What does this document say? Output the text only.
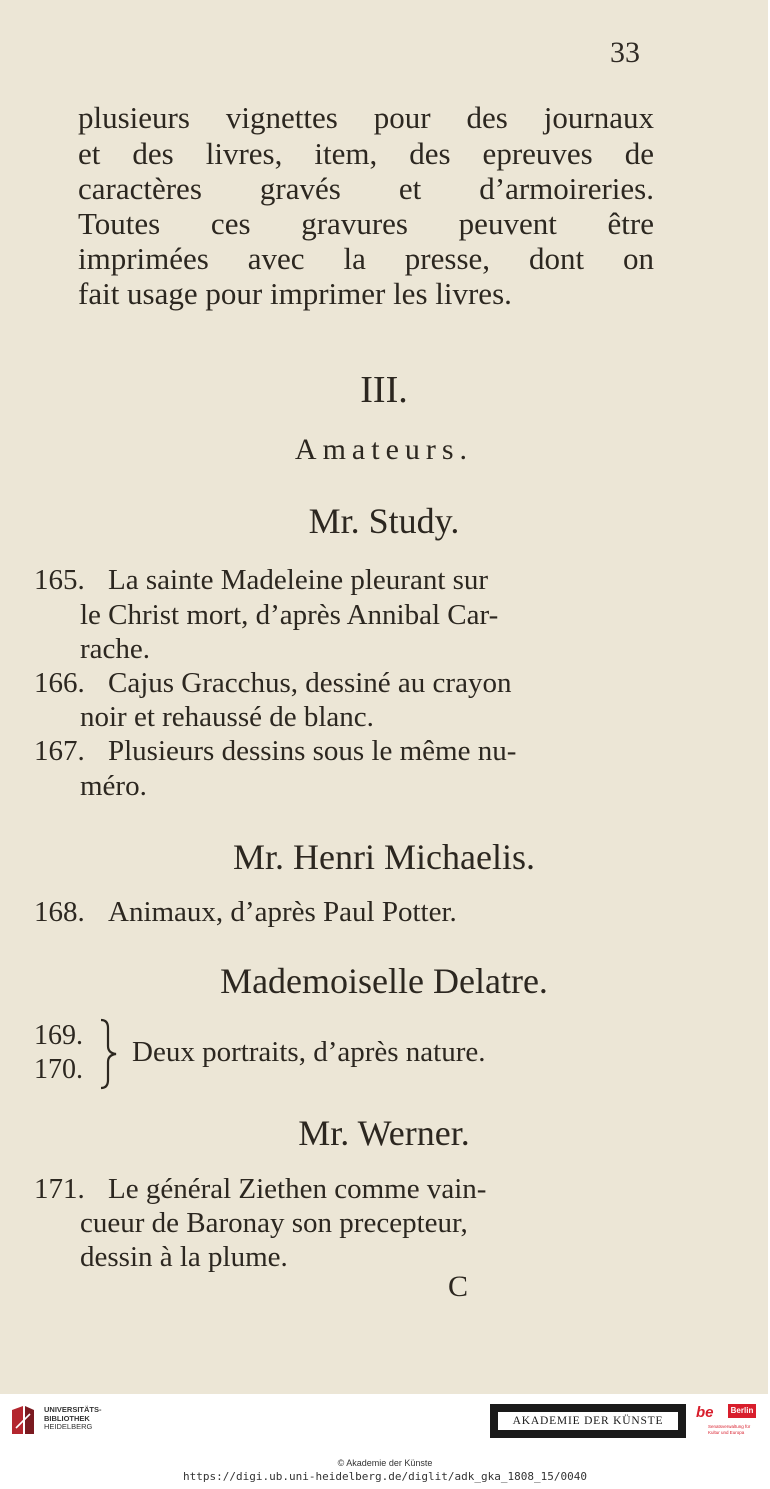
33
plusieurs vignettes pour des journaux
et des livres, item, des epreuves de
caractères gravés et d’armoireries.
Toutes ces gravures peuvent être
imprimées avec la presse, dont on
fait usage pour imprimer les livres.
III.
Amateurs.
Mr. Study.
165. La sainte Madeleine pleurant sur
le Christ mort, d’après Annibal Car-
rache.
166. Cajus Gracchus, dessiné au crayon
noir et rehaussé de blanc.
167. Plusieurs dessins sous le même nu-
méro.
Mr. Henri Michaelis.
168. Animaux, d’après Paul Potter.
Mademoiselle Delatre.
169.
170.
Deux portraits, d’après nature.
Mr. Werner.
171. Le général Ziethen comme vain-
cueur de Baronay son precepteur,
dessin à la plume.
C
UNIVERSITÄTS-
BIBLIOTHEK
HEIDELBERG	AKADEMIE DER KÜNSTE	be	Berlin
Senatsverwaltung für Kultur und Europa
© Akademie der Künste
https://digi.ub.uni-heidelberg.de/diglit/adk_gka_1808_15/0040
